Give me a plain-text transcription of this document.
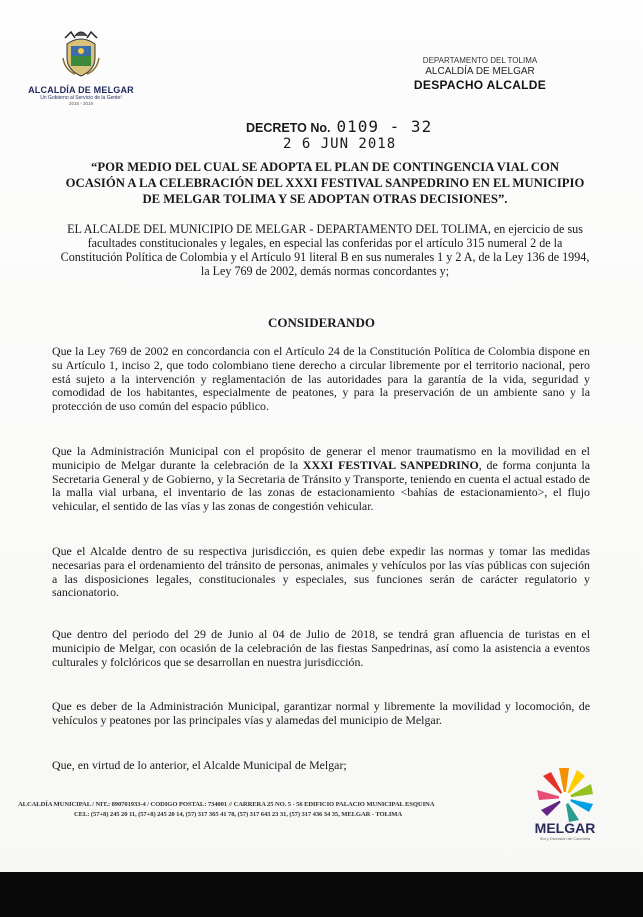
ALCALDÍA DE MELGAR
Un Gobierno al Servicio de la Gente!
2016 - 2019
DEPARTAMENTO DEL TOLIMA
ALCALDÍA DE MELGAR
DESPACHO ALCALDE
DECRETO No. 0109 - 32
2 6 JUN 2018
“POR MEDIO DEL CUAL SE ADOPTA EL PLAN DE CONTINGENCIA VIAL CON OCASIÓN A LA CELEBRACIÓN DEL XXXI FESTIVAL SANPEDRINO EN EL MUNICIPIO DE MELGAR TOLIMA Y SE ADOPTAN OTRAS DECISIONES”.
EL ALCALDE DEL MUNICIPIO DE MELGAR - DEPARTAMENTO DEL TOLIMA, en ejercicio de sus facultades constitucionales y legales, en especial las conferidas por el artículo 315 numeral 2 de la Constitución Política de Colombia y el Artículo 91 literal B en sus numerales 1 y 2 A, de la Ley 136 de 1994, la Ley 769 de 2002, demás normas concordantes y;
CONSIDERANDO
Que la Ley 769 de 2002 en concordancia con el Artículo 24 de la Constitución Política de Colombia dispone en su Artículo 1, inciso 2, que todo colombiano tiene derecho a circular libremente por el territorio nacional, pero está sujeto a la intervención y reglamentación de las autoridades para la garantía de la vida, seguridad y comodidad de los habitantes, especialmente de peatones, y para la preservación de un ambiente sano y la protección de uso común del espacio público.
Que la Administración Municipal con el propósito de generar el menor traumatismo en la movilidad en el municipio de Melgar durante la celebración de la XXXI FESTIVAL SANPEDRINO, de forma conjunta la Secretaria General y de Gobierno, y la Secretaria de Tránsito y Transporte, teniendo en cuenta el actual estado de la malla vial urbana, el inventario de las zonas de estacionamiento <bahías de estacionamiento>, el flujo vehicular, el sentido de las vías y las zonas de congestión vehicular.
Que el Alcalde dentro de su respectiva jurisdicción, es quien debe expedir las normas y tomar las medidas necesarias para el ordenamiento del tránsito de personas, animales y vehículos por las vías públicas con sujeción a las disposiciones legales, constitucionales y especiales, sus funciones serán de carácter regulatorio y sancionatorio.
Que dentro del periodo del 29 de Junio al 04 de Julio de 2018, se tendrá gran afluencia de turistas en el municipio de Melgar, con ocasión de la celebración de las fiestas Sanpedrinas, así como la asistencia a eventos culturales y folclóricos que se desarrollan en nuestra jurisdicción.
Que es deber de la Administración Municipal, garantizar normal y libremente la movilidad y locomoción, de vehículos y peatones por las principales vías y alamedas del municipio de Melgar.
Que, en virtud de lo anterior, el Alcalde Municipal de Melgar;
ALCALDÍA MUNICIPAL / NIT.: 890701933-4 / CODIGO POSTAL: 734001 // CARRERA 25 NO. 5 - 56 EDIFICIO PALACIO MUNICIPAL ESQUINA
CEL: (57+8) 245 20 11, (57+8) 245 20 14, (57) 317 365 41 78, (57) 317 643 23 31, (57) 317 436 34 35, MELGAR - TOLIMA
MELGAR
Sol y Diversión de Colombia
